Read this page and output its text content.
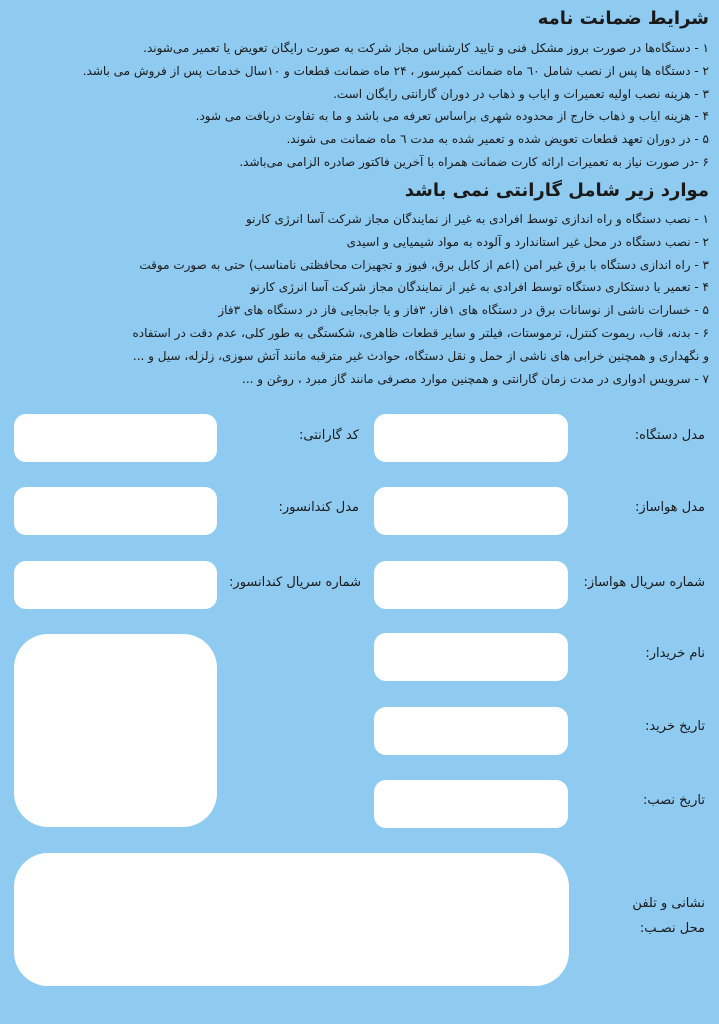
شرایط ضمانت نامه
۱ - دستگاه‌ها در صورت بروز مشکل فنی و تایید کارشناس مجاز شرکت به صورت رایگان تعویض یا تعمیر می‌شوند.
۲ - دستگاه ها پس از نصب شامل ٦٠ ماه ضمانت کمپرسور ، ۲۴ ماه ضمانت قطعات و ۱٠سال خدمات پس از فروش می باشد.
۳ - هزینه نصب اولیه تعمیرات و ایاب و ذهاب در دوران گارانتی رایگان است.
۴ - هزینه ایاب و ذهاب خارج از محدوده شهری براساس تعرفه می باشد و ما به تفاوت دریافت می شود.
۵ - در دوران تعهد قطعات تعویض شده و تعمیر شده به مدت ٦ ماه ضمانت می شوند.
۶ -در صورت نیاز به تعمیرات ارائه کارت ضمانت همراه با آخرین فاکتور صادره الزامی می‌باشد.
موارد زیر شامل گارانتی نمی باشد
۱ - نصب دستگاه و راه اندازی توسط افرادی به غیر از نمایندگان مجاز شرکت آسا انرژی کارنو
۲ - نصب دستگاه در محل غیر استاندارد و آلوده به مواد شیمیایی و اسیدی
۳ - راه اندازی دستگاه با برق غیر امن (اعم از کابل برق، فیوز و تجهیزات محافظتی نامناسب) حتی به صورت موقت
۴ - تعمیر یا دستکاری دستگاه توسط افرادی به غیر از نمایندگان مجاز شرکت آسا انرژی کارنو
۵ - خسارات ناشی از نوسانات برق در دستگاه های ۱فاز، ۳فاز و یا جابجایی فاز در دستگاه های ۳فاز
۶ - بدنه، قاب، ریموت کنترل، ترموستات، فیلتر و سایر قطعات ظاهری، شکستگی به طور کلی، عدم دقت در استفاده
و نگهداری و همچنین خرابی های ناشی از حمل و نقل دستگاه، حوادث غیر مترقبه مانند آتش سوزی، زلزله، سیل و ...
۷ - سرویس ادواری در مدت زمان گارانتی و همچنین موارد مصرفی مانند گاز مبرد ، روغن و ...
مدل دستگاه:
کد گارانتی:
مدل هواساز:
مدل کندانسور:
شماره سریال هواساز:
شماره سریال کندانسور:
نام خریدار:
تاریخ خرید:
تاریخ نصب:
نشانی و تلفن
محل نصـب:
